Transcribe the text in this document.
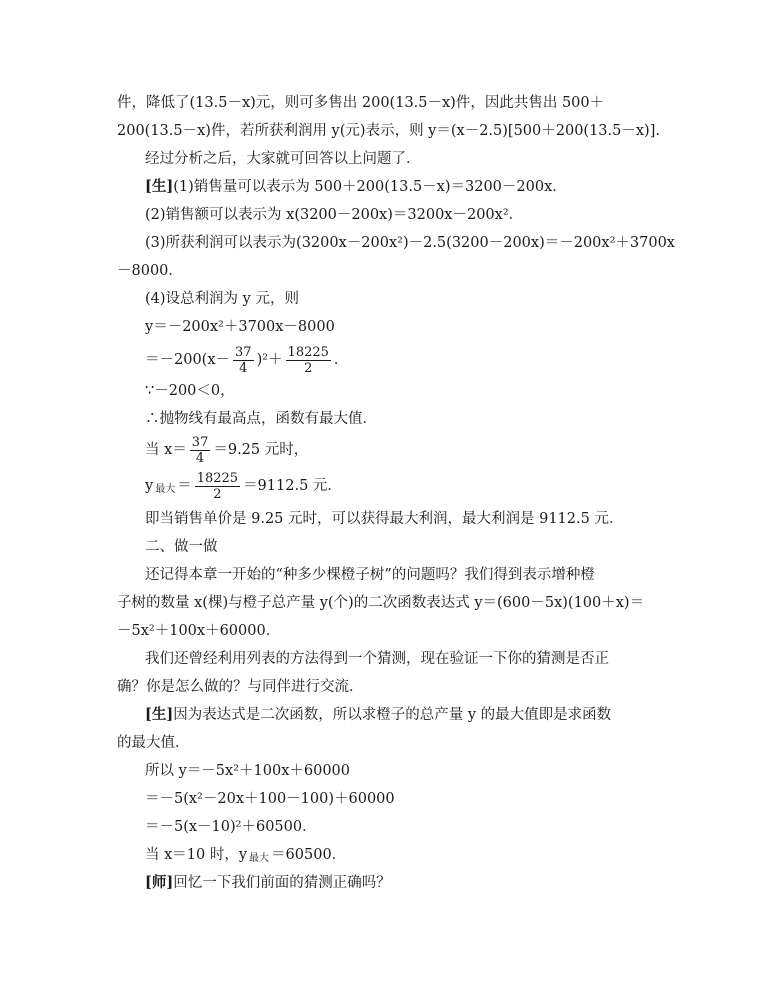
件，降低了(13.5－x)元，则可多售出 200(13.5－x)件，因此共售出 500＋
200(13.5－x)件，若所获利润用 y(元)表示，则 y＝(x－2.5)[500＋200(13.5－x)]．
经过分析之后，大家就可回答以上问题了．
[生](1)销售量可以表示为 500＋200(13.5－x)＝3200－200x．
(2)销售额可以表示为 x(3200－200x)＝3200x－200x²．
(3)所获利润可以表示为(3200x－200x²)－2.5(3200－200x)＝－200x²＋3700x
－8000．
(4)设总利润为 y 元，则
y＝－200x²＋3700x－8000
$=-200(x- \frac{37}{4} )^2+ \frac{18225}{2}$ ．
∵－200＜0，
∴抛物线有最高点，函数有最大值．
当 $x= \frac{37}{4} =9.25$ 元时，
y $_{最大} = \frac{18225}{2} =9112.5$ 元．
即当销售单价是 9.25 元时，可以获得最大利润，最大利润是 9112.5 元．
二、做一做
还记得本章一开始的“种多少棵橙子树”的问题吗？我们得到表示增种橙
子树的数量 x(棵)与橙子总产量 y(个)的二次函数表达式 y＝(600－5x)(100＋x)＝
－5x²＋100x＋60000．
我们还曾经利用列表的方法得到一个猜测，现在验证一下你的猜测是否正
确？你是怎么做的？与同伴进行交流．
[生]因为表达式是二次函数，所以求橙子的总产量 y 的最大值即是求函数
的最大值．
所以 y＝－5x²＋100x＋60000
＝－5(x²－20x＋100－100)＋60000
＝－5(x－10)²＋60500．
当 x＝10 时，y $_{最大}$ ＝60500．
[师]回忆一下我们前面的猜测正确吗？
